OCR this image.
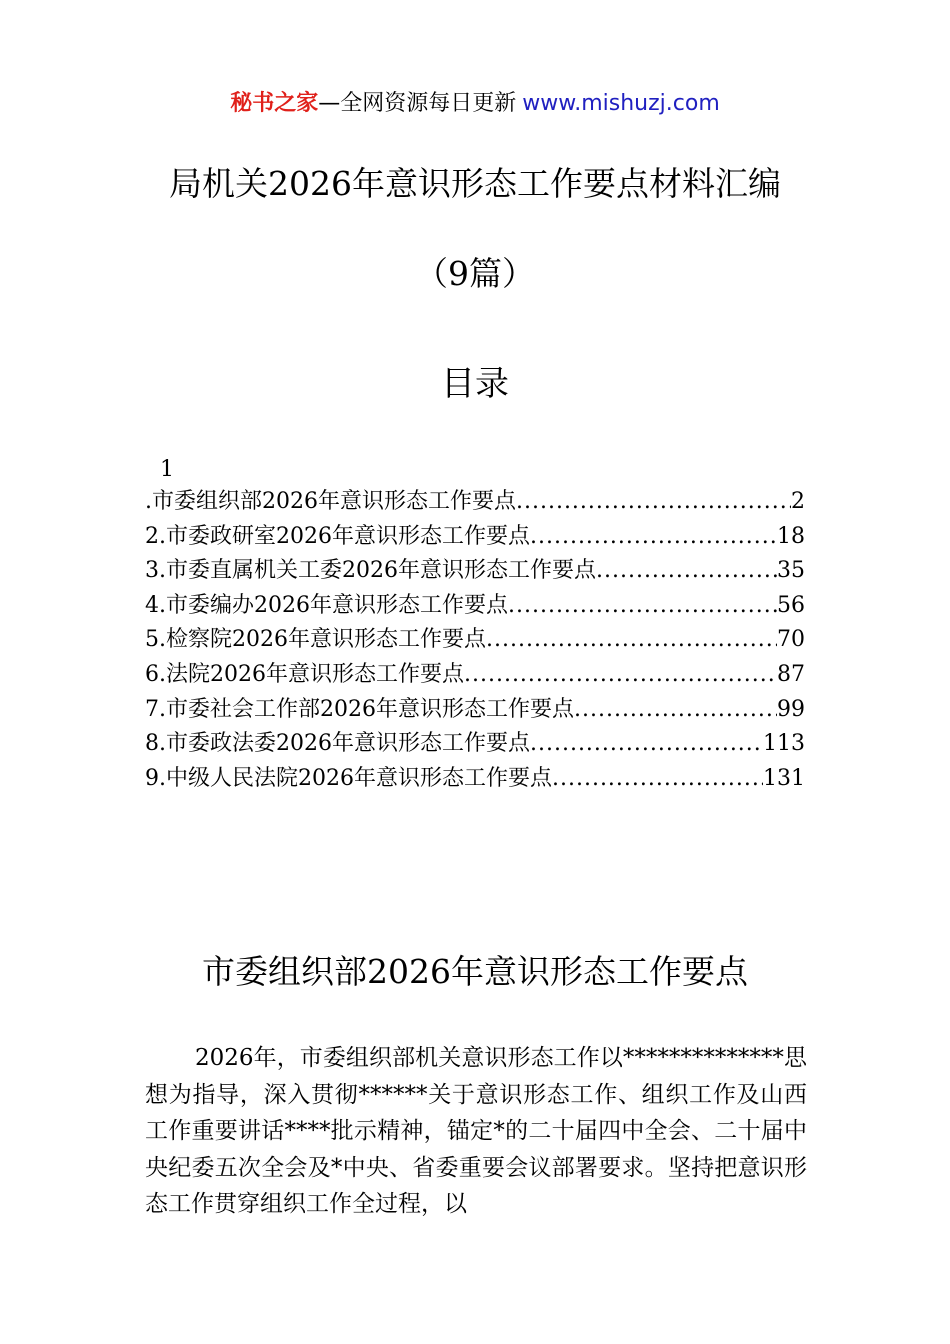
秘书之家—全网资源每日更新 www.mishuzj.com
局机关2026年意识形态工作要点材料汇编
（9篇）
目录
1
.市委组织部2026年意识形态工作要点 .....	2
2.市委政研室2026年意识形态工作要点 .....	18
3.市委直属机关工委2026年意识形态工作要点 .....	35
4.市委编办2026年意识形态工作要点 .....	56
5.检察院2026年意识形态工作要点 .....	70
6.法院2026年意识形态工作要点 .....	87
7.市委社会工作部2026年意识形态工作要点 .....	99
8.市委政法委2026年意识形态工作要点 .....	113
9.中级人民法院2026年意识形态工作要点 .....	131
市委组织部2026年意识形态工作要点

2026年，市委组织部机关意识形态工作以**************思想为指导，深入贯彻******关于意识形态工作、组织工作及山西工作重要讲话****批示精神，锚定*的二十届四中全会、二十届中央纪委五次全会及*中央、省委重要会议部署要求。坚持把意识形态工作贯穿组织工作全过程，以
